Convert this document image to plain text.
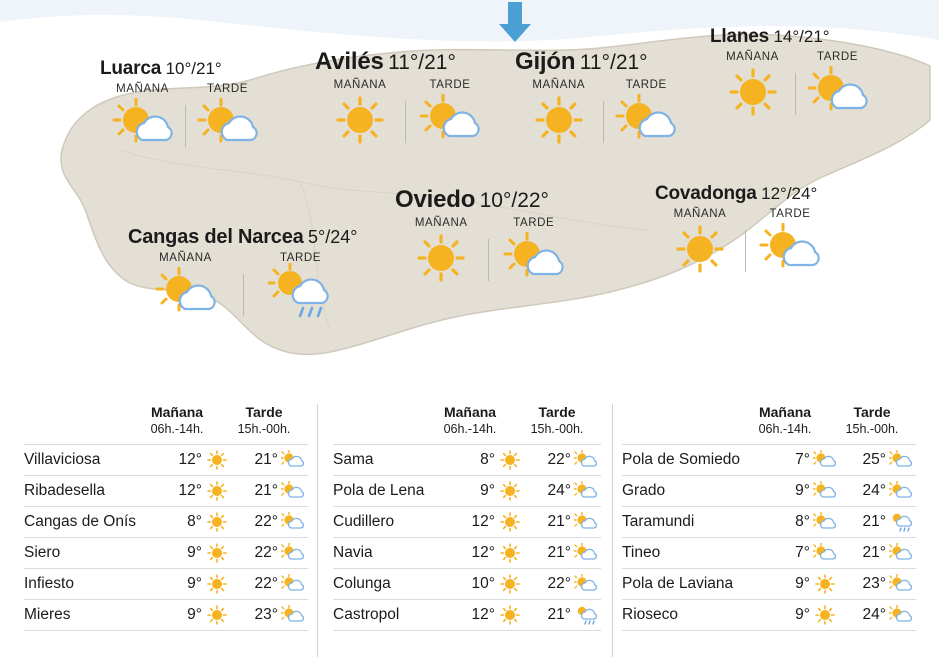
Luarca 10°/21°
MAÑANA	TARDE
Avilés 11°/21°
MAÑANA	TARDE
Gijón 11°/21°
MAÑANA	TARDE
Llanes 14°/21°
MAÑANA	TARDE
Oviedo 10°/22°
MAÑANA	TARDE
Covadonga 12°/24°
MAÑANA	TARDE
Cangas del Narcea 5°/24°
MAÑANA	TARDE
Mañana
06h.-14h.
Tarde
15h.-00h.
Villaviciosa	12°	21°
Ribadesella	12°	21°
Cangas de Onís	8°	22°
Siero	9°	22°
Infiesto	9°	22°
Mieres	9°	23°
Mañana
06h.-14h.
Tarde
15h.-00h.
Sama	8°	22°
Pola de Lena	9°	24°
Cudillero	12°	21°
Navia	12°	21°
Colunga	10°	22°
Castropol	12°	21°
Mañana
06h.-14h.
Tarde
15h.-00h.
Pola de Somiedo	7°	25°
Grado	9°	24°
Taramundi	8°	21°
Tineo	7°	21°
Pola de Laviana	9°	23°
Rioseco	9°	24°
